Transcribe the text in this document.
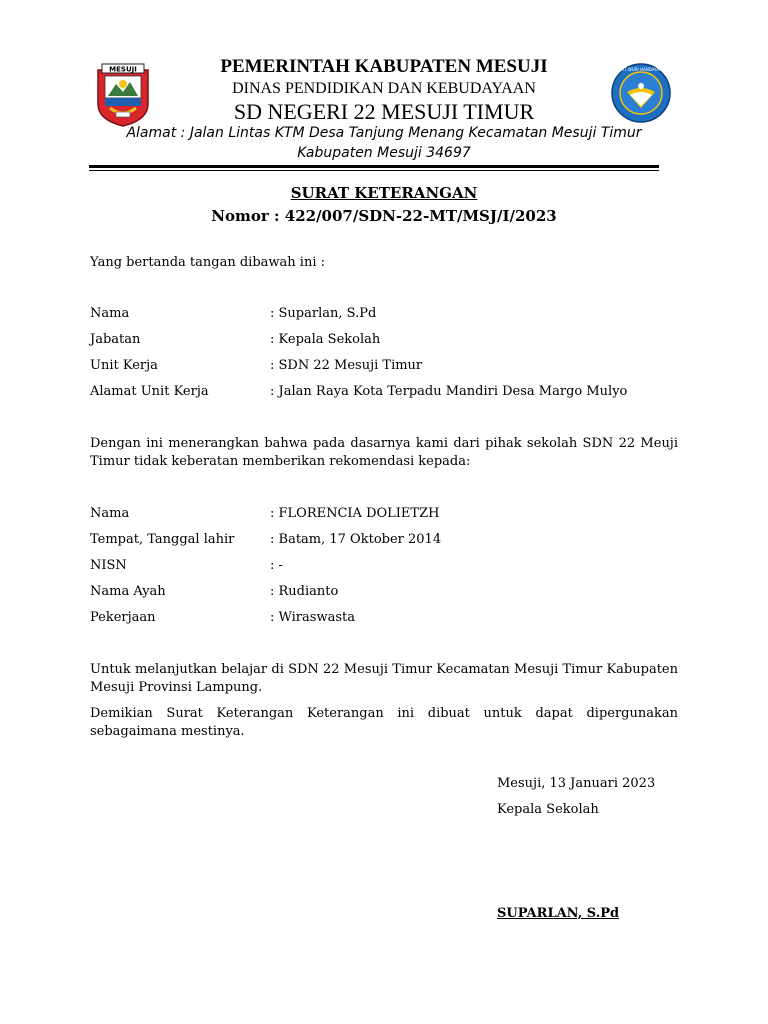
MESUJI	TUT WURI HANDAYANI
PEMERINTAH KABUPATEN MESUJI
DINAS PENDIDIKAN DAN KEBUDAYAAN
SD NEGERI 22 MESUJI TIMUR
Alamat : Jalan Lintas KTM Desa Tanjung Menang Kecamatan Mesuji Timur
Kabupaten Mesuji 34697
SURAT KETERANGAN
Nomor : 422/007/SDN-22-MT/MSJ/I/2023
Yang bertanda tangan dibawah ini :
Nama	: Suparlan, S.Pd
Jabatan	: Kepala Sekolah
Unit Kerja	: SDN 22 Mesuji Timur
Alamat Unit Kerja	: Jalan Raya Kota Terpadu Mandiri Desa Margo Mulyo
Dengan ini menerangkan bahwa pada dasarnya kami dari pihak sekolah SDN 22 Meuji Timur tidak keberatan memberikan rekomendasi kepada:
Nama	: FLORENCIA DOLIETZH
Tempat, Tanggal lahir	: Batam, 17 Oktober 2014
NISN	: -
Nama Ayah	: Rudianto
Pekerjaan	: Wiraswasta
Untuk melanjutkan belajar di SDN 22 Mesuji Timur Kecamatan Mesuji Timur Kabupaten Mesuji Provinsi Lampung.
Demikian Surat Keterangan Keterangan ini dibuat untuk dapat dipergunakan sebagaimana mestinya.
Mesuji, 13 Januari 2023
Kepala Sekolah
SUPARLAN, S.Pd
